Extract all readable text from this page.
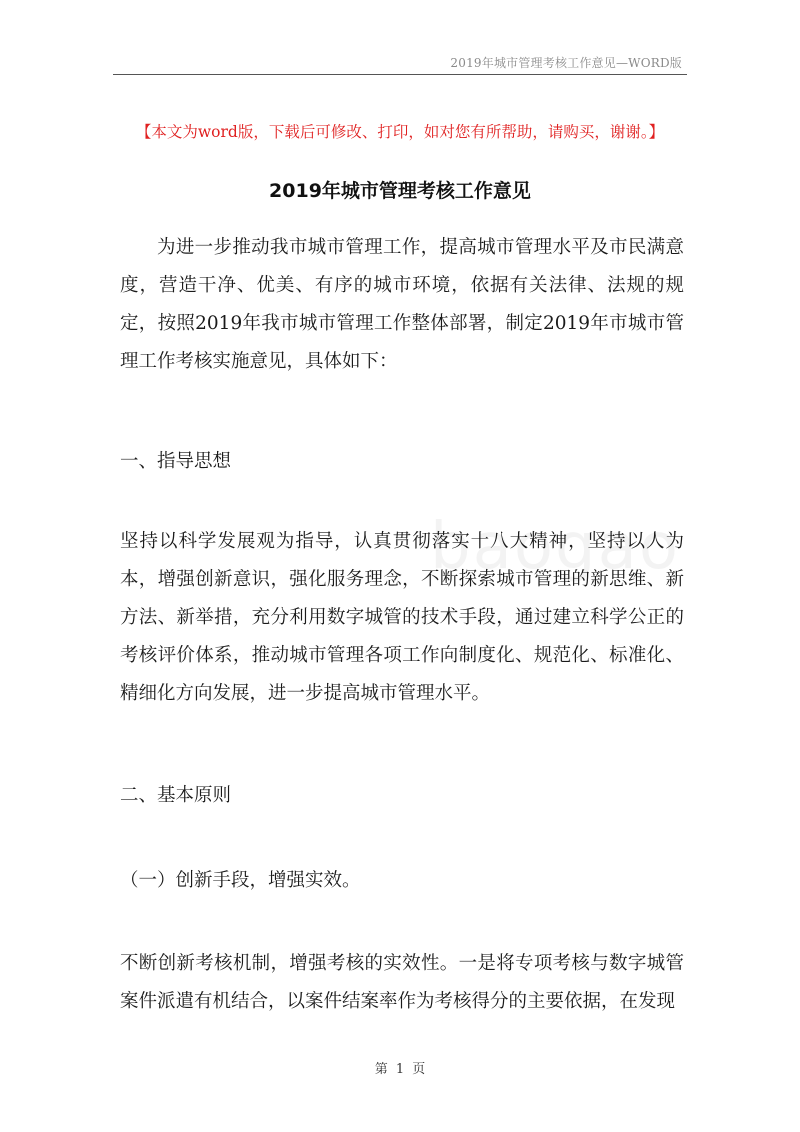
2019年城市管理考核工作意见—WORD版
【本文为word版，下载后可修改、打印，如对您有所帮助，请购买，谢谢。】
2019年城市管理考核工作意见
为进一步推动我市城市管理工作，提高城市管理水平及市民满意度，营造干净、优美、有序的城市环境，依据有关法律、法规的规定，按照2019年我市城市管理工作整体部署，制定2019年市城市管理工作考核实施意见，具体如下：
一、指导思想
坚持以科学发展观为指导，认真贯彻落实十八大精神，坚持以人为本，增强创新意识，强化服务理念，不断探索城市管理的新思维、新方法、新举措，充分利用数字城管的技术手段，通过建立科学公正的考核评价体系，推动城市管理各项工作向制度化、规范化、标准化、精细化方向发展，进一步提高城市管理水平。
二、基本原则
（一）创新手段，增强实效。
不断创新考核机制，增强考核的实效性。一是将专项考核与数字城管案件派遣有机结合，以案件结案率作为考核得分的主要依据，在发现
第 1 页
